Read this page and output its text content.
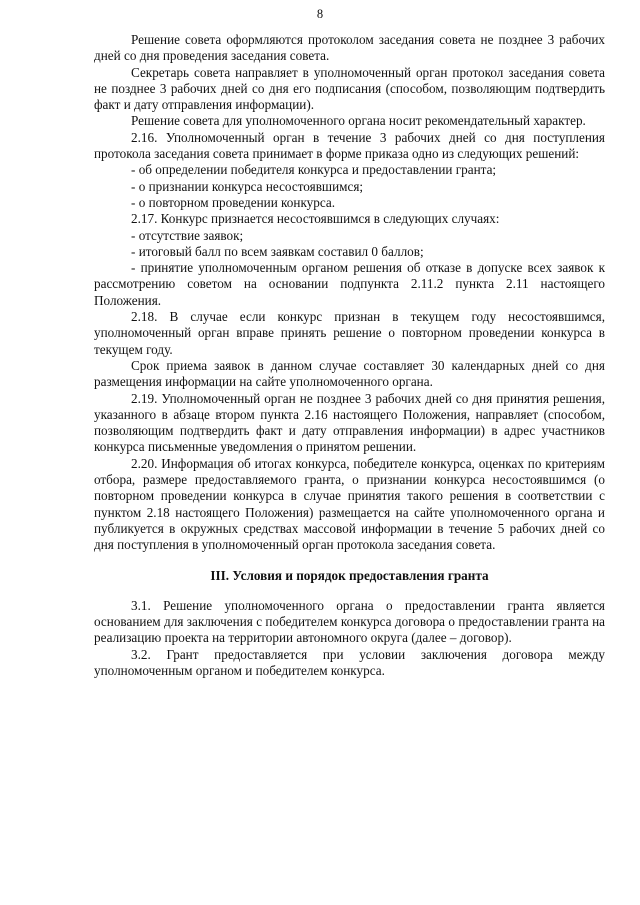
8

Решение совета оформляются протоколом заседания совета не позднее 3 рабочих дней со дня проведения заседания совета.

Секретарь совета направляет в уполномоченный орган протокол заседания совета не позднее 3 рабочих дней со дня его подписания (способом, позволяющим подтвердить факт и дату отправления информации).

Решение совета для уполномоченного органа носит рекомендательный характер.

2.16. Уполномоченный орган в течение 3 рабочих дней со дня поступления протокола заседания совета принимает в форме приказа одно из следующих решений:

- об определении победителя конкурса и предоставлении гранта;

- о признании конкурса несостоявшимся;

- о повторном проведении конкурса.

2.17. Конкурс признается несостоявшимся в следующих случаях:

- отсутствие заявок;

- итоговый балл по всем заявкам составил 0 баллов;

- принятие уполномоченным органом решения об отказе в допуске всех заявок к рассмотрению советом на основании подпункта 2.11.2 пункта 2.11 настоящего Положения.

2.18. В случае если конкурс признан в текущем году несостоявшимся, уполномоченный орган вправе принять решение о повторном проведении конкурса в текущем году.

Срок приема заявок в данном случае составляет 30 календарных дней со дня размещения информации на сайте уполномоченного органа.

2.19. Уполномоченный орган не позднее 3 рабочих дней со дня принятия решения, указанного в абзаце втором пункта 2.16 настоящего Положения, направляет (способом, позволяющим подтвердить факт и дату отправления информации) в адрес участников конкурса письменные уведомления о принятом решении.

2.20. Информация об итогах конкурса, победителе конкурса, оценках по критериям отбора, размере предоставляемого гранта, о признании конкурса несостоявшимся (о повторном проведении конкурса в случае принятия такого решения в соответствии с пунктом 2.18 настоящего Положения) размещается на сайте уполномоченного органа и публикуется в окружных средствах массовой информации в течение 5 рабочих дней со дня поступления в уполномоченный орган протокола заседания совета.

III. Условия и порядок предоставления гранта

3.1. Решение уполномоченного органа о предоставлении гранта является основанием для заключения с победителем конкурса договора о предоставлении гранта на реализацию проекта на территории автономного округа (далее – договор).

3.2. Грант предоставляется при условии заключения договора между уполномоченным органом и победителем конкурса.
